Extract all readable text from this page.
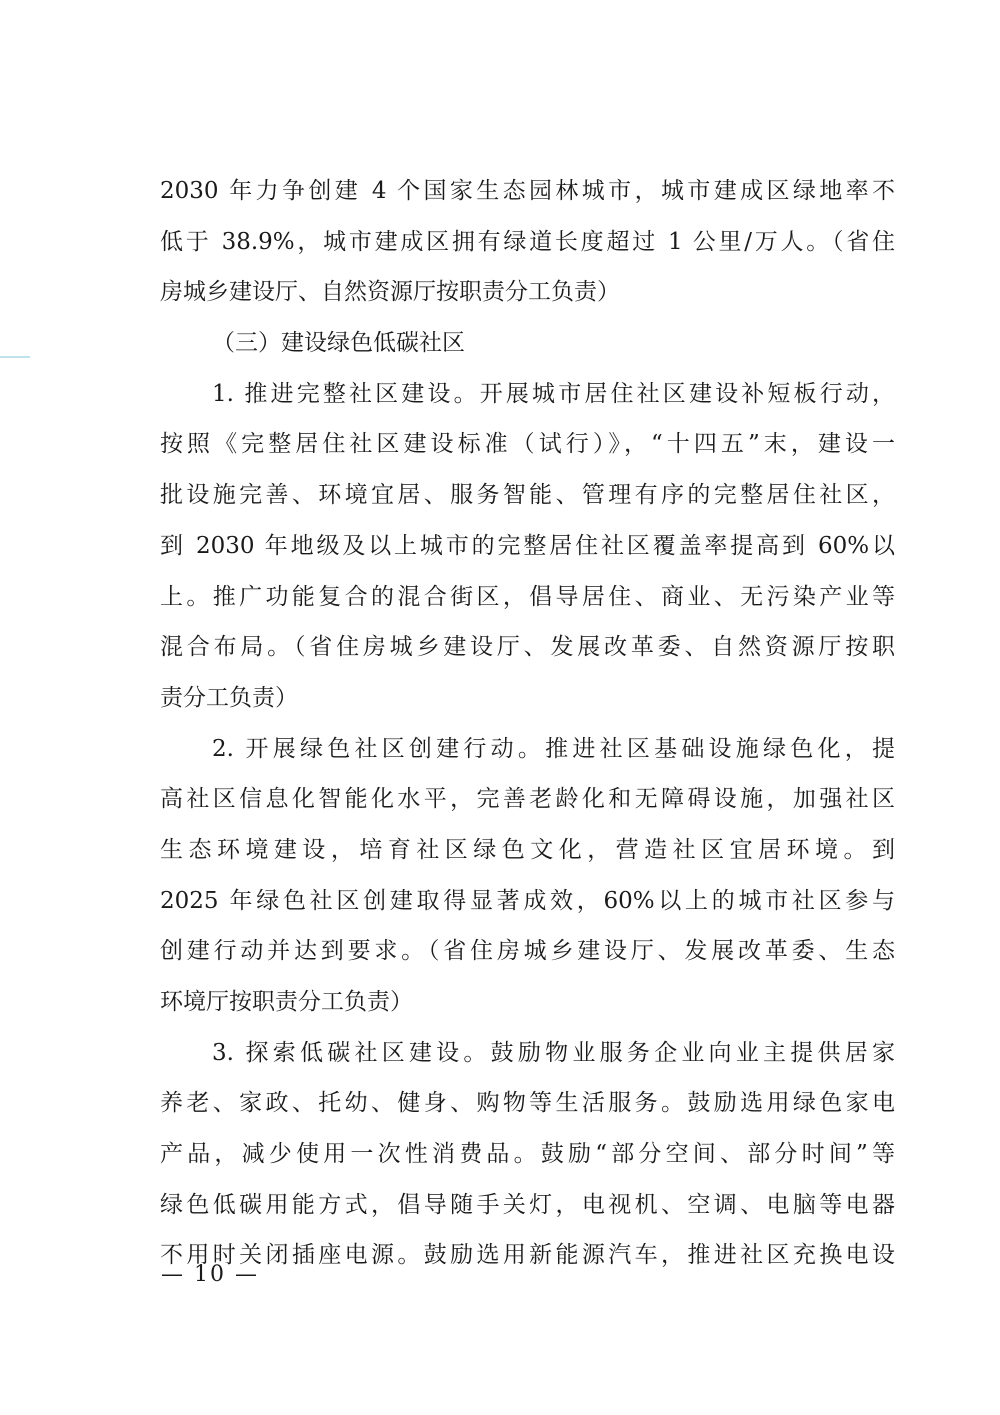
2030 年力争创建 4 个国家生态园林城市，城市建成区绿地率不
低于 38.9%，城市建成区拥有绿道长度超过 1 公里/万人。（省住
房城乡建设厅、自然资源厅按职责分工负责）
（三）建设绿色低碳社区
1. 推进完整社区建设。开展城市居住社区建设补短板行动，
按照《完整居住社区建设标准（试行）》，“十四五”末，建设一
批设施完善、环境宜居、服务智能、管理有序的完整居住社区，
到 2030 年地级及以上城市的完整居住社区覆盖率提高到 60%以
上。推广功能复合的混合街区，倡导居住、商业、无污染产业等
混合布局。（省住房城乡建设厅、发展改革委、自然资源厅按职
责分工负责）
2. 开展绿色社区创建行动。推进社区基础设施绿色化，提
高社区信息化智能化水平，完善老龄化和无障碍设施，加强社区
生态环境建设，培育社区绿色文化，营造社区宜居环境。到
2025 年绿色社区创建取得显著成效，60%以上的城市社区参与
创建行动并达到要求。（省住房城乡建设厅、发展改革委、生态
环境厅按职责分工负责）
3. 探索低碳社区建设。鼓励物业服务企业向业主提供居家
养老、家政、托幼、健身、购物等生活服务。鼓励选用绿色家电
产品，减少使用一次性消费品。鼓励“部分空间、部分时间”等
绿色低碳用能方式，倡导随手关灯，电视机、空调、电脑等电器
不用时关闭插座电源。鼓励选用新能源汽车，推进社区充换电设
— 10 —
